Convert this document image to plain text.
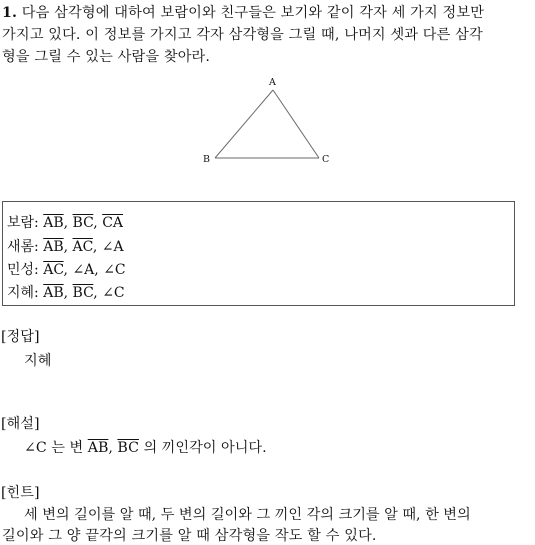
1. 다음 삼각형에 대하여 보람이와 친구들은 보기와 같이 각자 세 가지 정보만
가지고 있다. 이 정보를 가지고 각자 삼각형을 그릴 때, 나머지 셋과 다른 삼각
형을 그릴 수 있는 사람을 찾아라.
A
B	C
보람: $\overline{AB}$, $\overline{BC}$, $\overline{CA}$
새롬: $\overline{AB}$, $\overline{AC}$, ∠A
민성: $\overline{AC}$, ∠A, ∠C
지혜: $\overline{AB}$, $\overline{BC}$, ∠C
[정답]
지혜
[해설]
∠C 는 변 $\overline{AB}$, $\overline{BC}$ 의 끼인각이 아니다.
[힌트]
세 변의 길이를 알 때, 두 변의 길이와 그 끼인 각의 크기를 알 때, 한 변의
길이와 그 양 끝각의 크기를 알 때 삼각형을 작도 할 수 있다.
